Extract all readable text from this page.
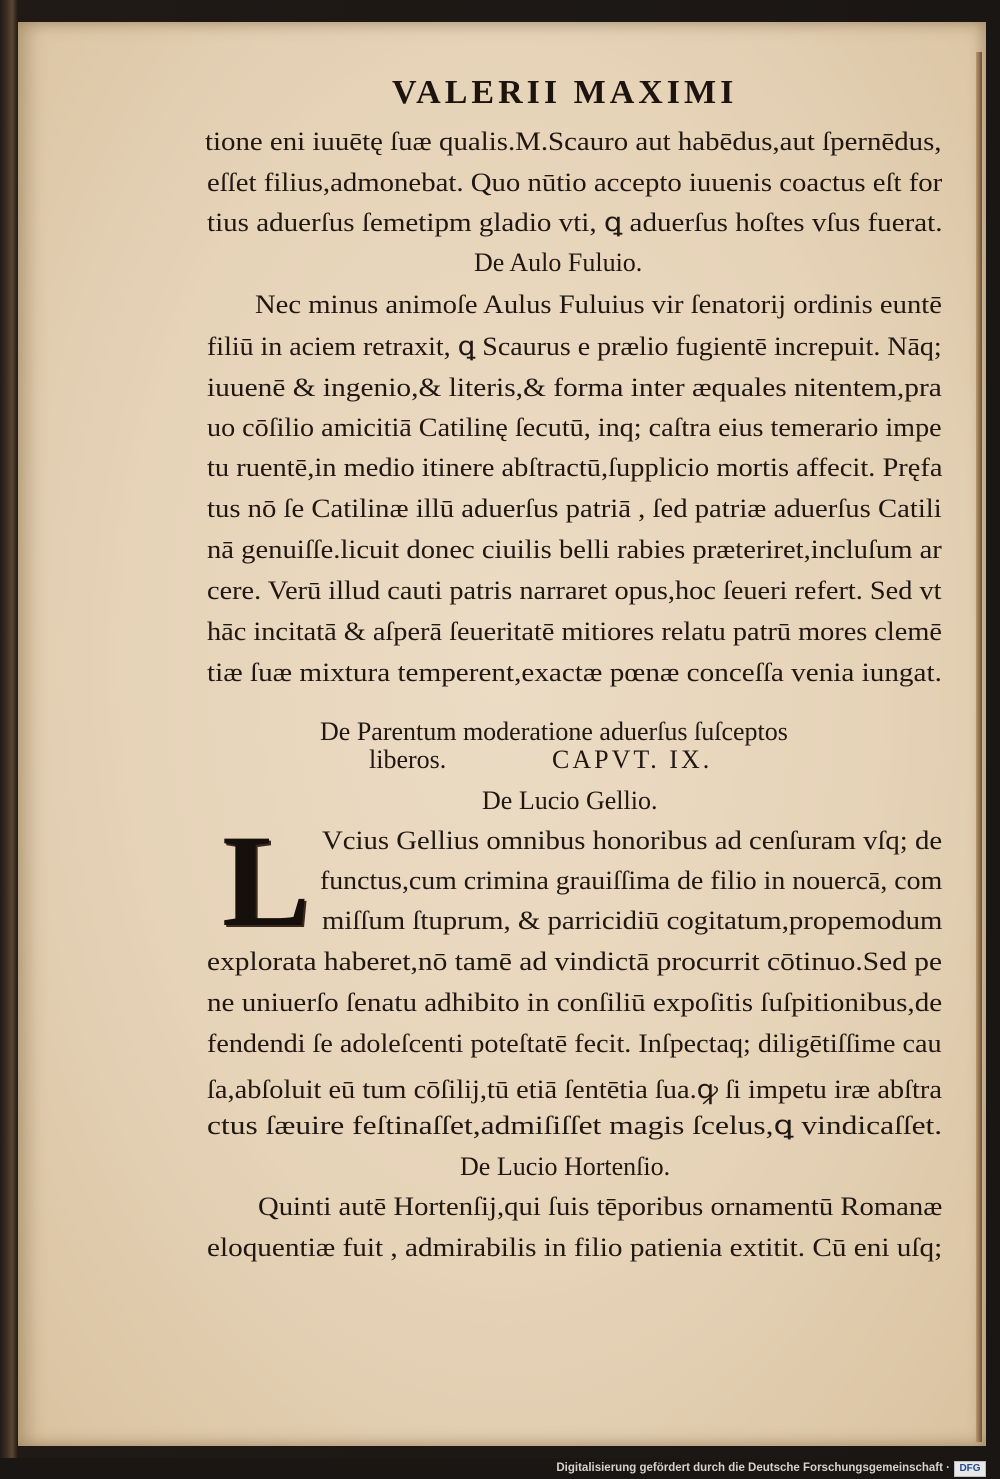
VALERII MAXIMI
tione eni iuuētę ſuæ qualis.M.Scauro aut habēdus,aut ſpernēdus,
eſſet filius,admonebat. Quo nūtio accepto iuuenis coactus eſt for
tius aduerſus ſemetipm gladio vti, ꝗ aduerſus hoſtes vſus fuerat.
De Aulo Fuluio.
Nec minus animoſe Aulus Fuluius vir ſenatorij ordinis euntē
filiū in aciem retraxit, ꝗ Scaurus e prælio fugientē increpuit. Nāq;
iuuenē & ingenio,& literis,& forma inter æquales nitentem,pra
uo cōſilio amicitiā Catilinę ſecutū, inq; caſtra eius temerario impe
tu ruentē,in medio itinere abſtractū,ſupplicio mortis affecit. Pręfa
tus nō ſe Catilinæ illū aduerſus patriā , ſed patriæ aduerſus Catili
nā genuiſſe.licuit donec ciuilis belli rabies præteriret,incluſum ar
cere. Verū illud cauti patris narraret opus,hoc ſeueri refert. Sed vt
hāc incitatā & aſperā ſeueritatē mitiores relatu patrū mores clemē
tiæ ſuæ mixtura temperent,exactæ pœnæ conceſſa venia iungat.
De Parentum moderatione aduerſus ſuſceptos
liberos.	CAPVT. IX.
De Lucio Gellio.
L Vcius Gellius omnibus honoribus ad cenſuram vſq; de
functus,cum crimina grauiſſima de filio in nouercā, com
miſſum ſtuprum, & parricidiū cogitatum,propemodum
explorata haberet,nō tamē ad vindictā procurrit cōtinuo.Sed pe
ne uniuerſo ſenatu adhibito in conſiliū expoſitis ſuſpitionibus,de
fendendi ſe adoleſcenti poteſtatē fecit. Inſpectaq; diligētiſſime cau
ſa,abſoluit eū tum cōſilij,tū etiā ſentētia ſua.ꝙ ſi impetu iræ abſtra
ctus ſæuire feſtinaſſet,admiſiſſet magis ſcelus,ꝗ vindicaſſet.
De Lucio Hortenſio.
Quinti autē Hortenſij,qui ſuis tēporibus ornamentū Romanæ
eloquentiæ fuit , admirabilis in filio patienia extitit. Cū eni uſq;
Digitalisierung gefördert durch die Deutsche Forschungsgemeinschaft · DFG
